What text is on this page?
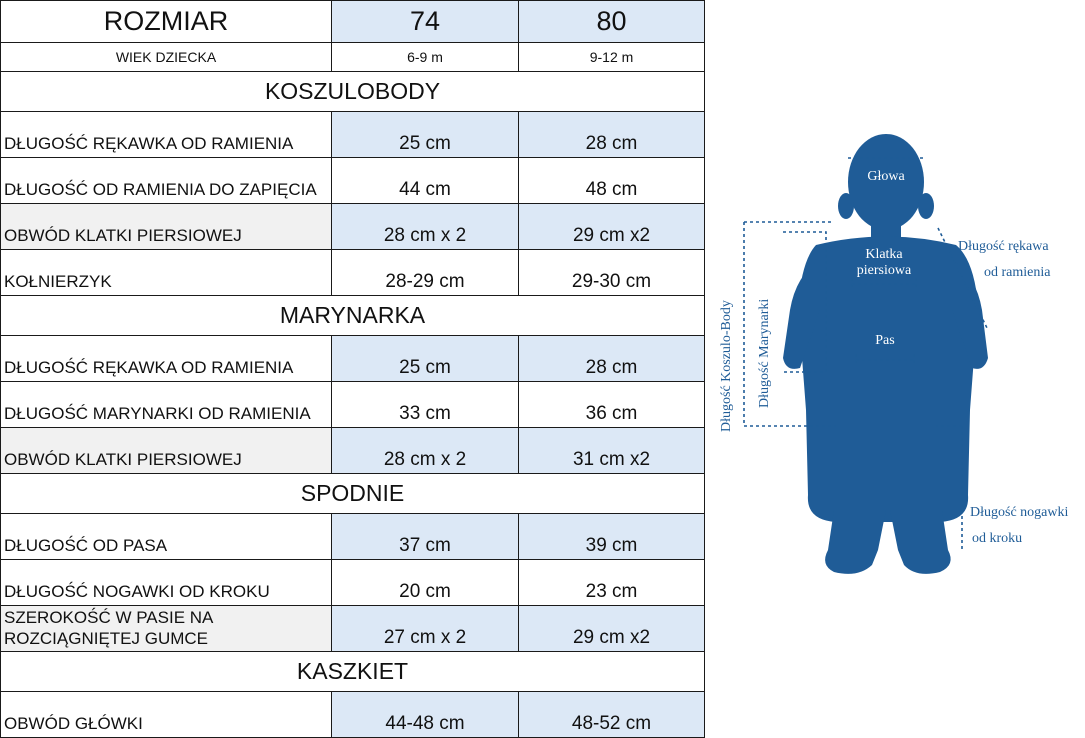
ROZMIAR	74	80
WIEK DZIECKA	6-9 m	9-12 m
KOSZULOBODY		
DŁUGOŚĆ RĘKAWKA OD RAMIENIA	25 cm	28 cm
DŁUGOŚĆ OD RAMIENIA DO ZAPIĘCIA	44 cm	48 cm
OBWÓD KLATKI PIERSIOWEJ	28 cm x 2	29 cm x2
KOŁNIERZYK	28-29 cm	29-30 cm
MARYNARKA		
DŁUGOŚĆ RĘKAWKA OD RAMIENIA	25 cm	28 cm
DŁUGOŚĆ MARYNARKI OD RAMIENIA	33 cm	36 cm
OBWÓD KLATKI PIERSIOWEJ	28 cm x 2	31 cm x2
SPODNIE		
DŁUGOŚĆ OD PASA	37 cm	39 cm
DŁUGOŚĆ NOGAWKI OD KROKU	20 cm	23 cm

SZEROKOŚĆ W PASIE NA
ROZCIĄGNIĘTEJ GUMCE	27 cm x 2	29 cm x2
KASZKIET		
OBWÓD GŁÓWKI	44-48 cm	48-52 cm
Głowa
Klatka
piersiowa
Pas
Długość rękawa
od ramienia
Długość nogawki
od kroku
Długość Marynarki
Długość Koszulo-Body
